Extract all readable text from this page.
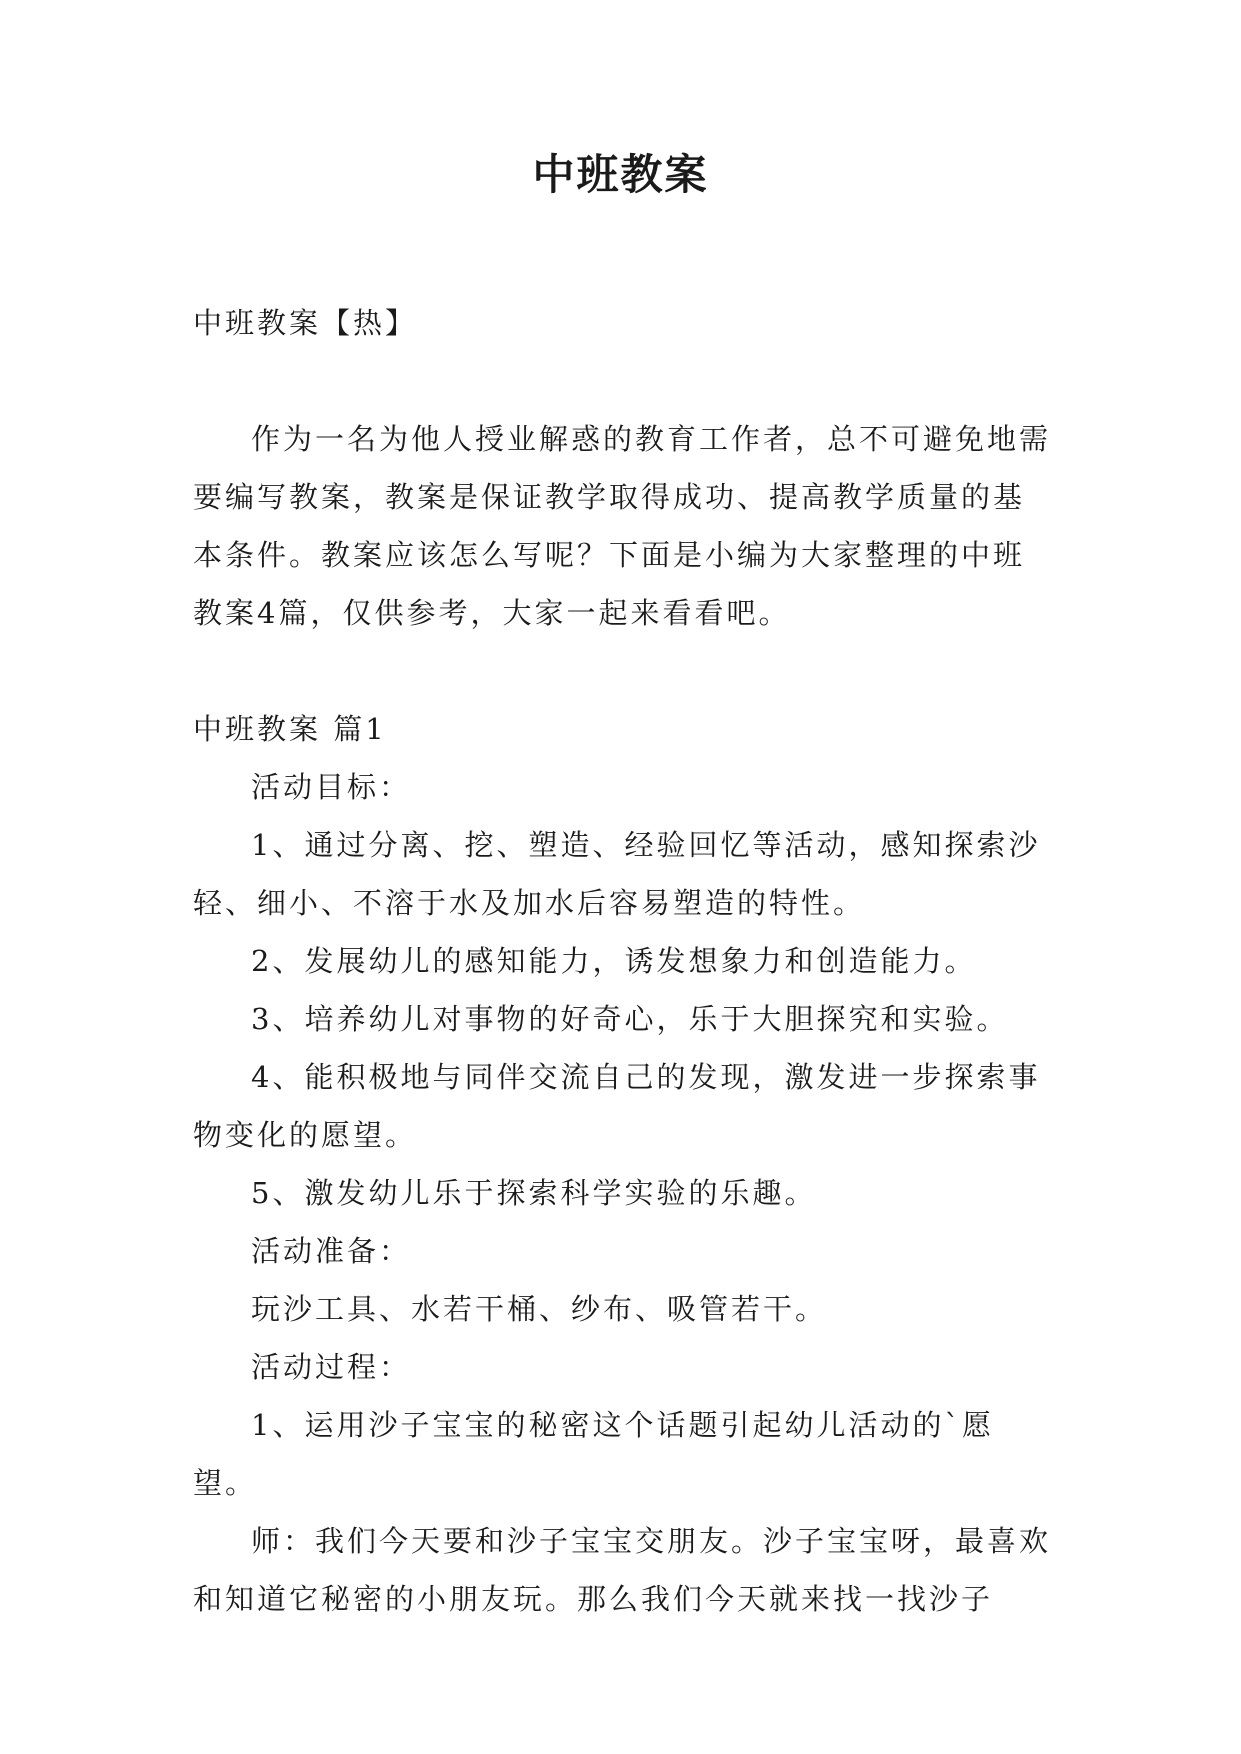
中班教案

中班教案【热】

作为一名为他人授业解惑的教育工作者，总不可避免地需要编写教案，教案是保证教学取得成功、提高教学质量的基本条件。教案应该怎么写呢？下面是小编为大家整理的中班教案4篇，仅供参考，大家一起来看看吧。

中班教案 篇1

活动目标：

1、通过分离、挖、塑造、经验回忆等活动，感知探索沙轻、细小、不溶于水及加水后容易塑造的特性。

2、发展幼儿的感知能力，诱发想象力和创造能力。

3、培养幼儿对事物的好奇心，乐于大胆探究和实验。

4、能积极地与同伴交流自己的发现，激发进一步探索事物变化的愿望。

5、激发幼儿乐于探索科学实验的乐趣。

活动准备：

玩沙工具、水若干桶、纱布、吸管若干。

活动过程：

1、运用沙子宝宝的秘密这个话题引起幼儿活动的`愿望。

师：我们今天要和沙子宝宝交朋友。沙子宝宝呀，最喜欢和知道它秘密的小朋友玩。那么我们今天就来找一找沙子
